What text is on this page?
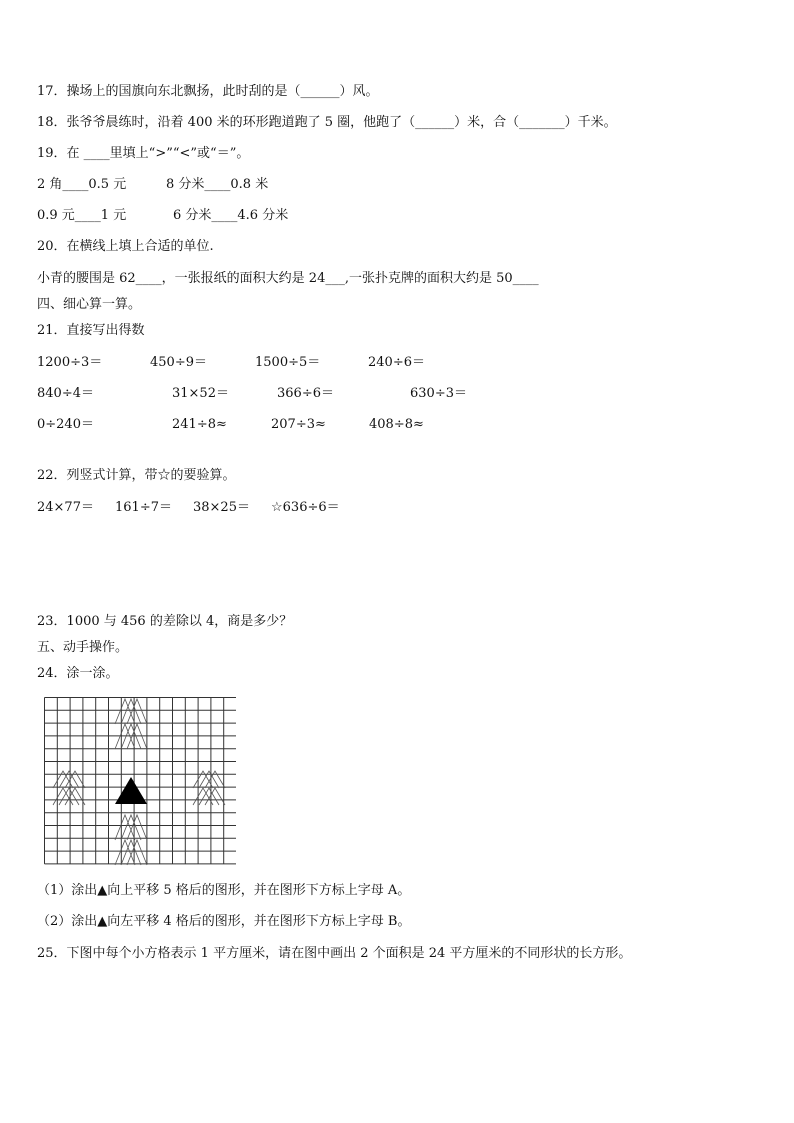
17．操场上的国旗向东北飘扬，此时刮的是（______）风。
18．张爷爷晨练时，沿着 400 米的环形跑道跑了 5 圈，他跑了（______）米，合（_______）千米。
19．在 ____里填上“>”“<”或“＝”。
2 角____0.5 元	8 分米____0.8 米
0.9 元____1 元	6 分米____4.6 分米
20．在横线上填上合适的单位.
小青的腰围是 62____，一张报纸的面积大约是 24___,一张扑克牌的面积大约是 50____
四、细心算一算。
21．直接写出得数
1200÷3＝	450÷9＝	1500÷5＝	240÷6＝
840÷4＝	31×52＝	366÷6＝	630÷3＝
0÷240＝	241÷8≈	207÷3≈	408÷8≈
22．列竖式计算，带☆的要验算。
24×77＝ 161÷7＝ 38×25＝ ☆636÷6＝
23．1000 与 456 的差除以 4，商是多少？
五、动手操作。
24．涂一涂。
（1）涂出▲向上平移 5 格后的图形，并在图形下方标上字母 A。
（2）涂出▲向左平移 4 格后的图形，并在图形下方标上字母 B。
25．下图中每个小方格表示 1 平方厘米，请在图中画出 2 个面积是 24 平方厘米的不同形状的长方形。
